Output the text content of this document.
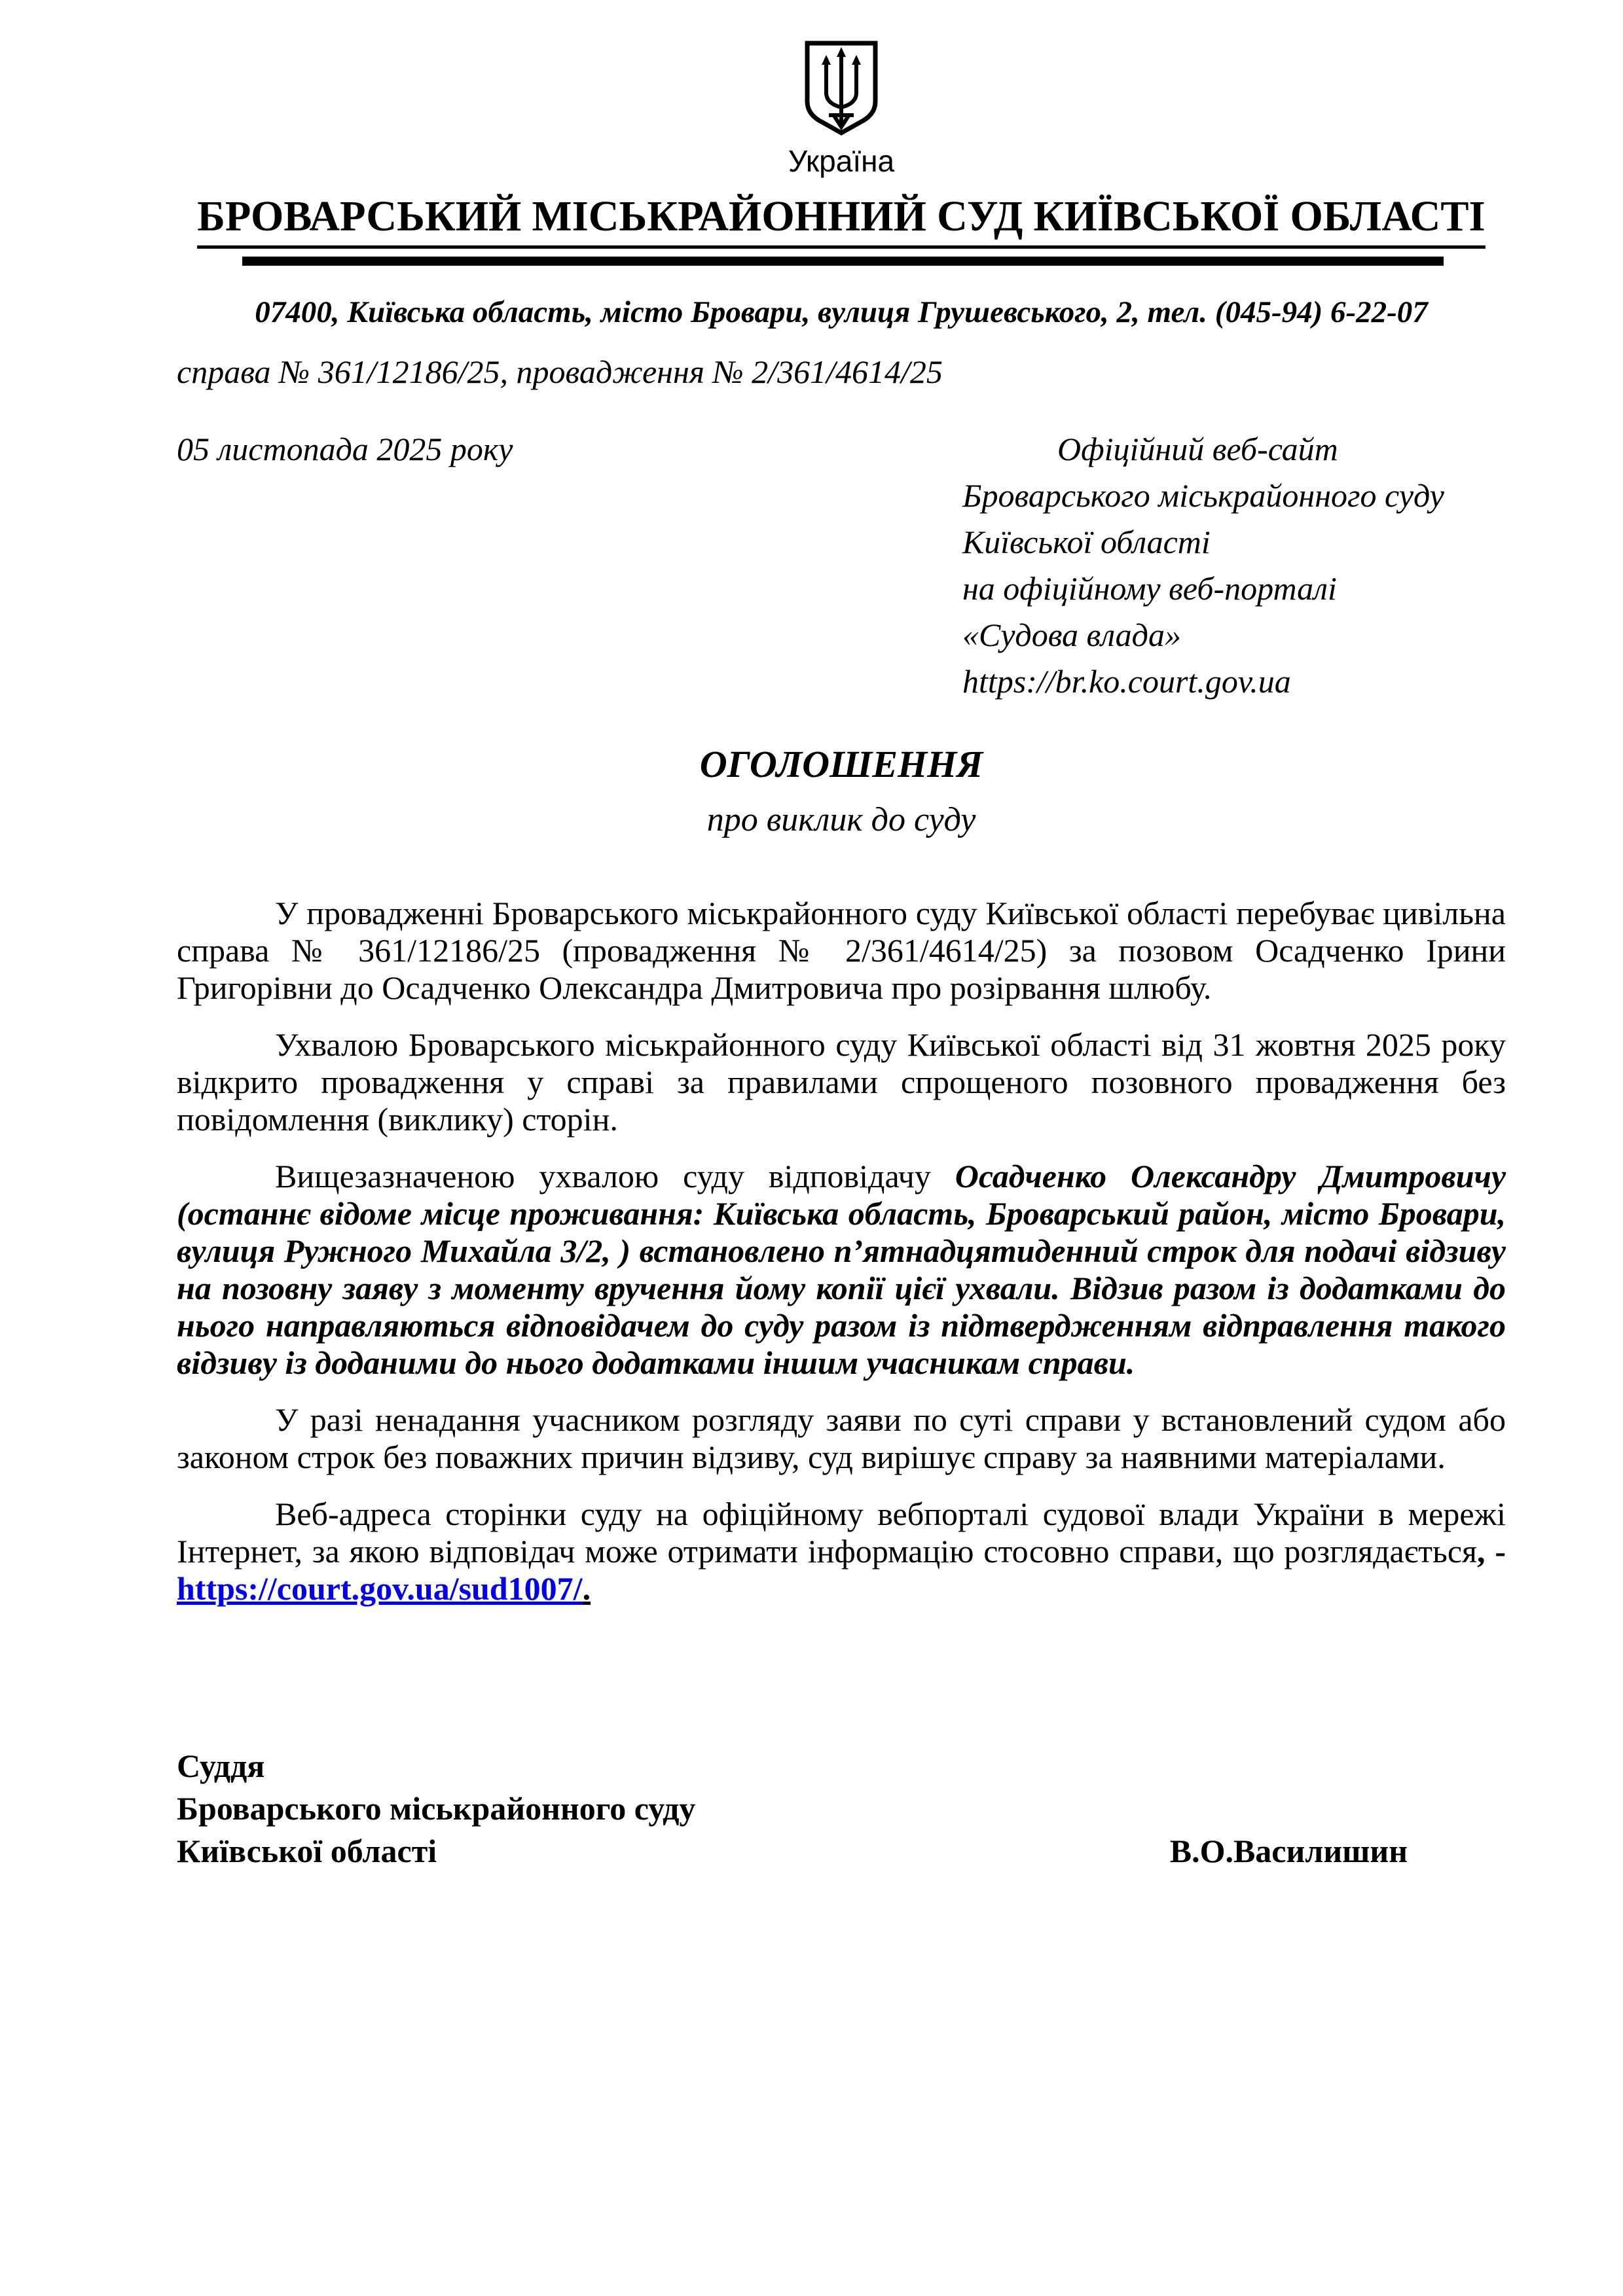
Україна
БРОВАРСЬКИЙ МІСЬКРАЙОННИЙ СУД КИЇВСЬКОЇ ОБЛАСТІ
07400, Київська область, місто Бровари, вулиця Грушевського, 2, тел. (045-94) 6-22-07
справа № 361/12186/25, провадження № 2/361/4614/25
05 листопада 2025 року	Офіційний веб-сайт
Броварського міськрайонного суду
Київської області
на офіційному веб-порталі
«Судова влада»
https://br.ko.court.gov.ua
ОГОЛОШЕННЯ
про виклик до суду

У провадженні Броварського міськрайонного суду Київської області перебуває цивільна справа № 361/12186/25 (провадження № 2/361/4614/25) за позовом Осадченко Ірини Григорівни до Осадченко Олександра Дмитровича про розірвання шлюбу.

Ухвалою Броварського міськрайонного суду Київської області від 31 жовтня 2025 року відкрито провадження у справі за правилами спрощеного позовного провадження без повідомлення (виклику) сторін.

Вищезазначеною ухвалою суду відповідачу Осадченко Олександру Дмитровичу (останнє відоме місце проживання: Київська область, Броварський район, місто Бровари, вулиця Ружного Михайла 3/2, ) встановлено п’ятнадцятиденний строк для подачі відзиву на позовну заяву з моменту вручення йому копії цієї ухвали. Відзив разом із додатками до нього направляються відповідачем до суду разом із підтвердженням відправлення такого відзиву із доданими до нього додатками іншим учасникам справи.

У разі ненадання учасником розгляду заяви по суті справи у встановлений судом або законом строк без поважних причин відзиву, суд вирішує справу за наявними матеріалами.

Веб-адреса сторінки суду на офіційному вебпорталі судової влади України в мережі Інтернет, за якою відповідач може отримати інформацію стосовно справи, що розглядається, - https://court.gov.ua/sud1007/.

Суддя
Броварського міськрайонного суду
Київської області	В.О.Василишин
